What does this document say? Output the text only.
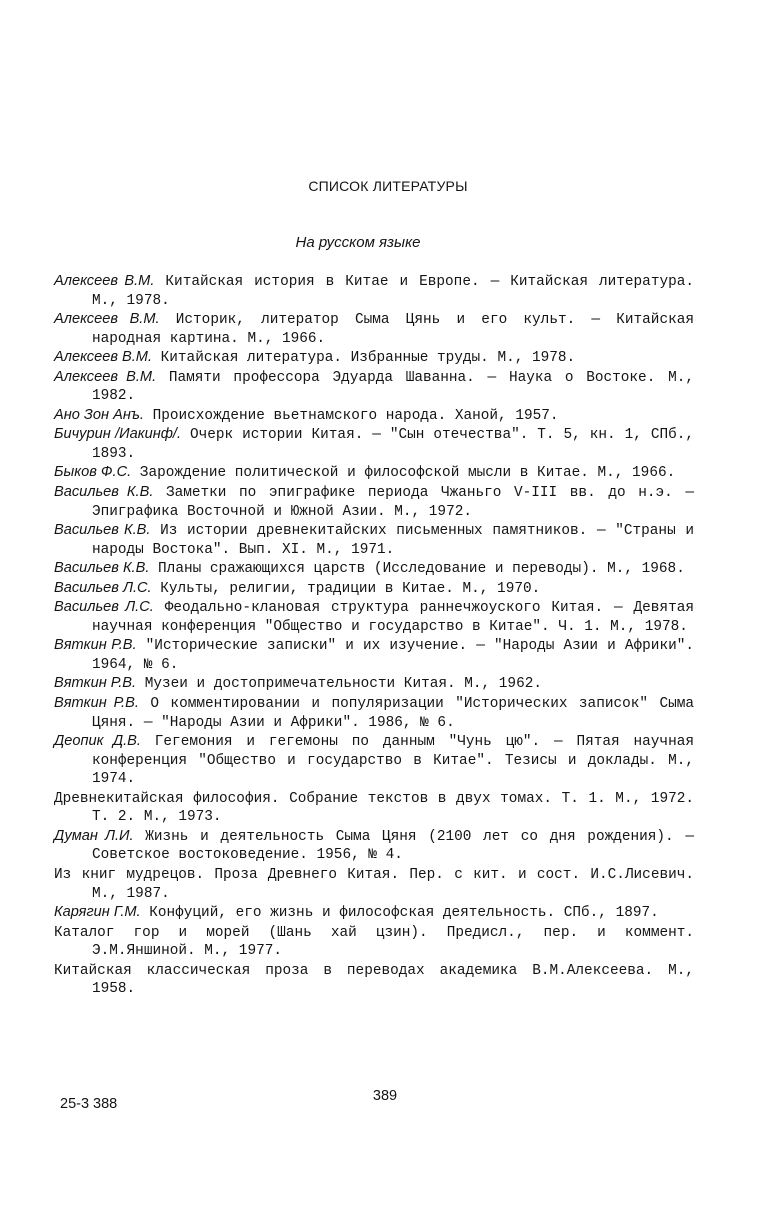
СПИСОК ЛИТЕРАТУРЫ
На русском языке
Алексеев В.М. Китайская история в Китае и Европе. — Китайская литература. М., 1978.
Алексеев В.М. Историк, литератор Сыма Цянь и его культ. — Китайская народная картина. М., 1966.
Алексеев В.М. Китайская литература. Избранные труды. М., 1978.
Алексеев В.М. Памяти профессора Эдуарда Шаванна. — Наука о Востоке. М., 1982.
Ано Зон Анъ. Происхождение вьетнамского народа. Ханой, 1957.
Бичурин /Иакинф/. Очерк истории Китая. — "Сын отечества". Т. 5, кн. 1, СПб., 1893.
Быков Ф.С. Зарождение политической и философской мысли в Китае. М., 1966.
Васильев К.В. Заметки по эпиграфике периода Чжаньго V-III вв. до н.э. — Эпиграфика Восточной и Южной Азии. М., 1972.
Васильев К.В. Из истории древнекитайских письменных памятников. — "Страны и народы Востока". Вып. XI. М., 1971.
Васильев К.В. Планы сражающихся царств (Исследование и переводы). М., 1968.
Васильев Л.С. Культы, религии, традиции в Китае. М., 1970.
Васильев Л.С. Феодально-клановая структура раннечжоуского Китая. — Девятая научная конференция "Общество и государство в Китае". Ч. 1. М., 1978.
Вяткин Р.В. "Исторические записки" и их изучение. — "Народы Азии и Африки". 1964, № 6.
Вяткин Р.В. Музеи и достопримечательности Китая. М., 1962.
Вяткин Р.В. О комментировании и популяризации "Исторических записок" Сыма Цяня. — "Народы Азии и Африки". 1986, № 6.
Деопик Д.В. Гегемония и гегемоны по данным "Чунь цю". — Пятая научная конференция "Общество и государство в Китае". Тезисы и доклады. М., 1974.
Древнекитайская философия. Собрание текстов в двух томах. Т. 1. М., 1972. Т. 2. М., 1973.
Думан Л.И. Жизнь и деятельность Сыма Цяня (2100 лет со дня рождения). — Советское востоковедение. 1956, № 4.
Из книг мудрецов. Проза Древнего Китая. Пер. с кит. и сост. И.С.Лисевич. М., 1987.
Карягин Г.М. Конфуций, его жизнь и философская деятельность. СПб., 1897.
Каталог гор и морей (Шань хай цзин). Предисл., пер. и коммент. Э.М.Яншиной. М., 1977.
Китайская классическая проза в переводах академика В.М.Алексеева. М., 1958.
25-3 388	389
